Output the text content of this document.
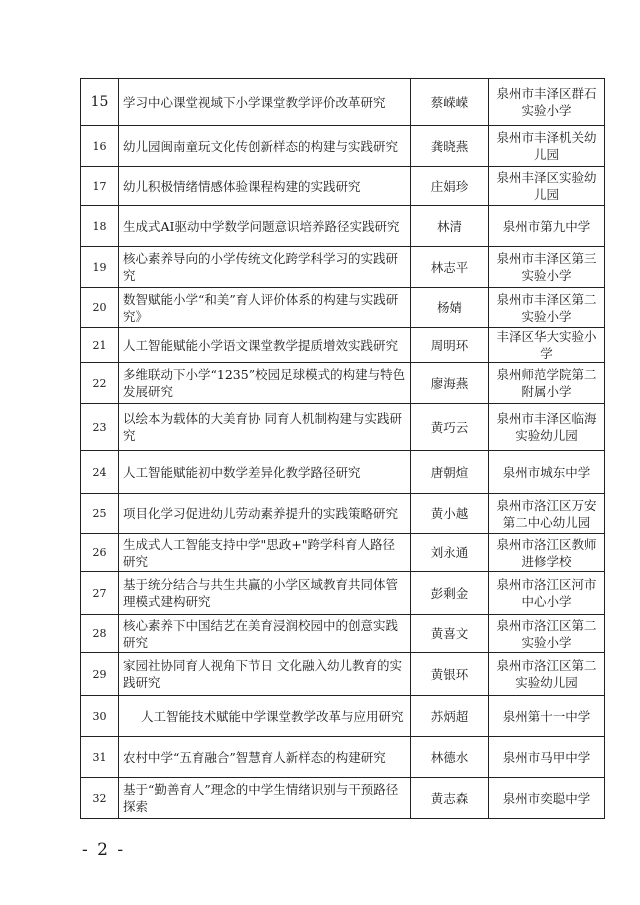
15	学习中心课堂视域下小学课堂教学评价改革研究	蔡嵘嵘	泉州市丰泽区群石实验小学
16	幼儿园闽南童玩文化传创新样态的构建与实践研究	龚晓燕	泉州市丰泽机关幼儿园
17	幼儿积极情绪情感体验课程构建的实践研究	庄娟珍	泉州丰泽区实验幼儿园
18	生成式AI驱动中学数学问题意识培养路径实践研究	林清	泉州市第九中学
19	核心素养导向的小学传统文化跨学科学习的实践研究	林志平	泉州市丰泽区第三实验小学
20	数智赋能小学“和美”育人评价体系的构建与实践研究》	杨婧	泉州市丰泽区第二实验小学
21	人工智能赋能小学语文课堂教学提质增效实践研究	周明环	丰泽区华大实验小学
22	多维联动下小学“1235”校园足球模式的构建与特色发展研究	廖海燕	泉州师范学院第二附属小学
23	以绘本为载体的大美育协 同育人机制构建与实践研究	黄巧云	泉州市丰泽区临海实验幼儿园
24	人工智能赋能初中数学差异化教学路径研究	唐朝煊	泉州市城东中学
25	项目化学习促进幼儿劳动素养提升的实践策略研究	黄小越	泉州市洛江区万安第二中心幼儿园
26	生成式人工智能支持中学"思政+"跨学科育人路径研究	刘永通	泉州市洛江区教师进修学校
27	基于统分结合与共生共赢的小学区域教育共同体管理模式建构研究	彭剩金	泉州市洛江区河市中心小学
28	核心素养下中国结艺在美育浸润校园中的创意实践研究	黄喜文	泉州市洛江区第二实验小学
29	家园社协同育人视角下节日 文化融入幼儿教育的实践研究	黄银环	泉州市洛江区第二实验幼儿园
30	人工智能技术赋能中学课堂教学改革与应用研究	苏炳超	泉州第十一中学
31	农村中学“五育融合”智慧育人新样态的构建研究	林德水	泉州市马甲中学
32	基于“勤善育人”理念的中学生情绪识别与干预路径探索	黄志森	泉州市奕聪中学
- 2 -
